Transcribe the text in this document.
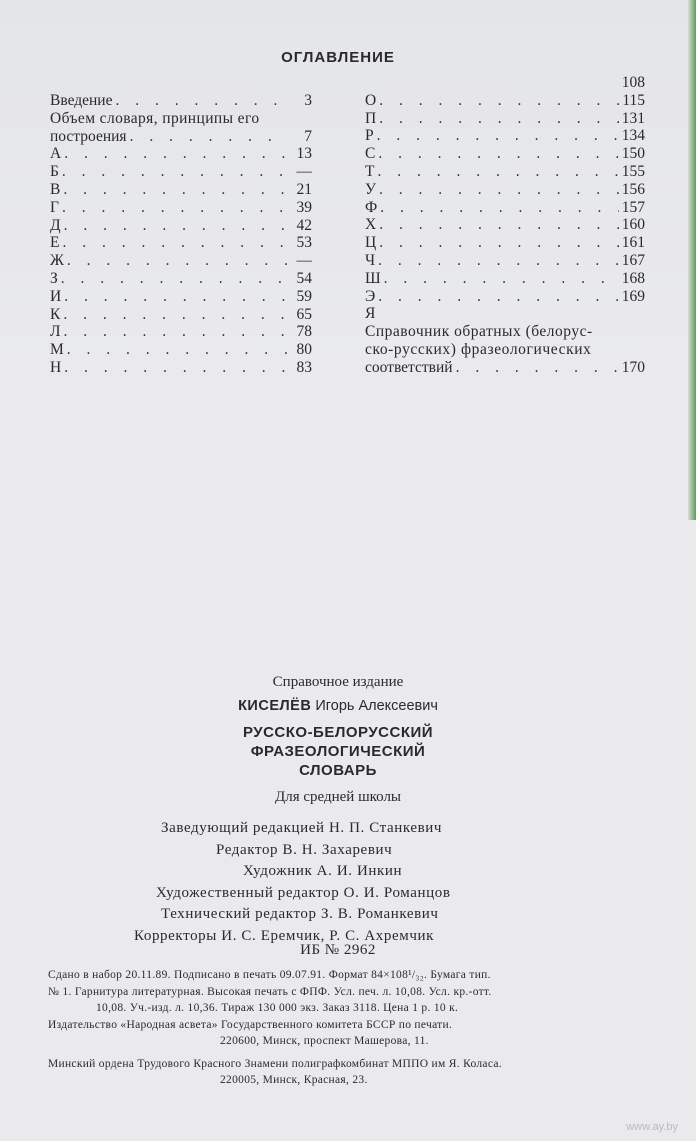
ОГЛАВЛЕНИЕ
Введение . . .	3
Объем словаря, принципы его
построения . . .	7
А . . .	13
Б . . .	—
В . . .	21
Г . . .	39
Д . . .	42
Е . . .	53
Ж . . .	—
З . . .	54
И . . .	59
К . . .	65
Л . . .	78
М . . .	80
Н . . .	83
108
О . . .	115
П . . .	131
Р . . .	134
С . . .	150
Т . . .	155
У . . .	156
Ф . . .	157
Х . . .	160
Ц . . .	161
Ч . . .	167
Ш . . .	168
Э . . .	169
Я
Справочник обратных (белорус-
ско-русских) фразеологических
соответствий . . .	170
Справочное издание
КИСЕЛЁВ Игорь Алексеевич
РУССКО-БЕЛОРУССКИЙ
ФРАЗЕОЛОГИЧЕСКИЙ
СЛОВАРЬ
Для средней школы
Заведующий редакцией Н. П. Станкевич
Редактор В. Н. Захаревич
Художник А. И. Инкин
Художественный редактор О. И. Романцов
Технический редактор З. В. Романкевич
Корректоры И. С. Еремчик, Р. С. Ахремчик
ИБ № 2962
Сдано в набор 20.11.89. Подписано в печать 09.07.91. Формат 84×108¹/₃₂. Бумага тип.
№ 1. Гарнитура литературная. Высокая печать с ФПФ. Усл. печ. л. 10,08. Усл. кр.-отт.
10,08. Уч.-изд. л. 10,36. Тираж 130 000 экз. Заказ 3118. Цена 1 р. 10 к.
Издательство «Народная асвета» Государственного комитета БССР по печати.
220600, Минск, проспект Машерова, 11.
Минский ордена Трудового Красного Знамени полиграфкомбинат МППО им Я. Коласа.
220005, Минск, Красная, 23.
www.ay.by
